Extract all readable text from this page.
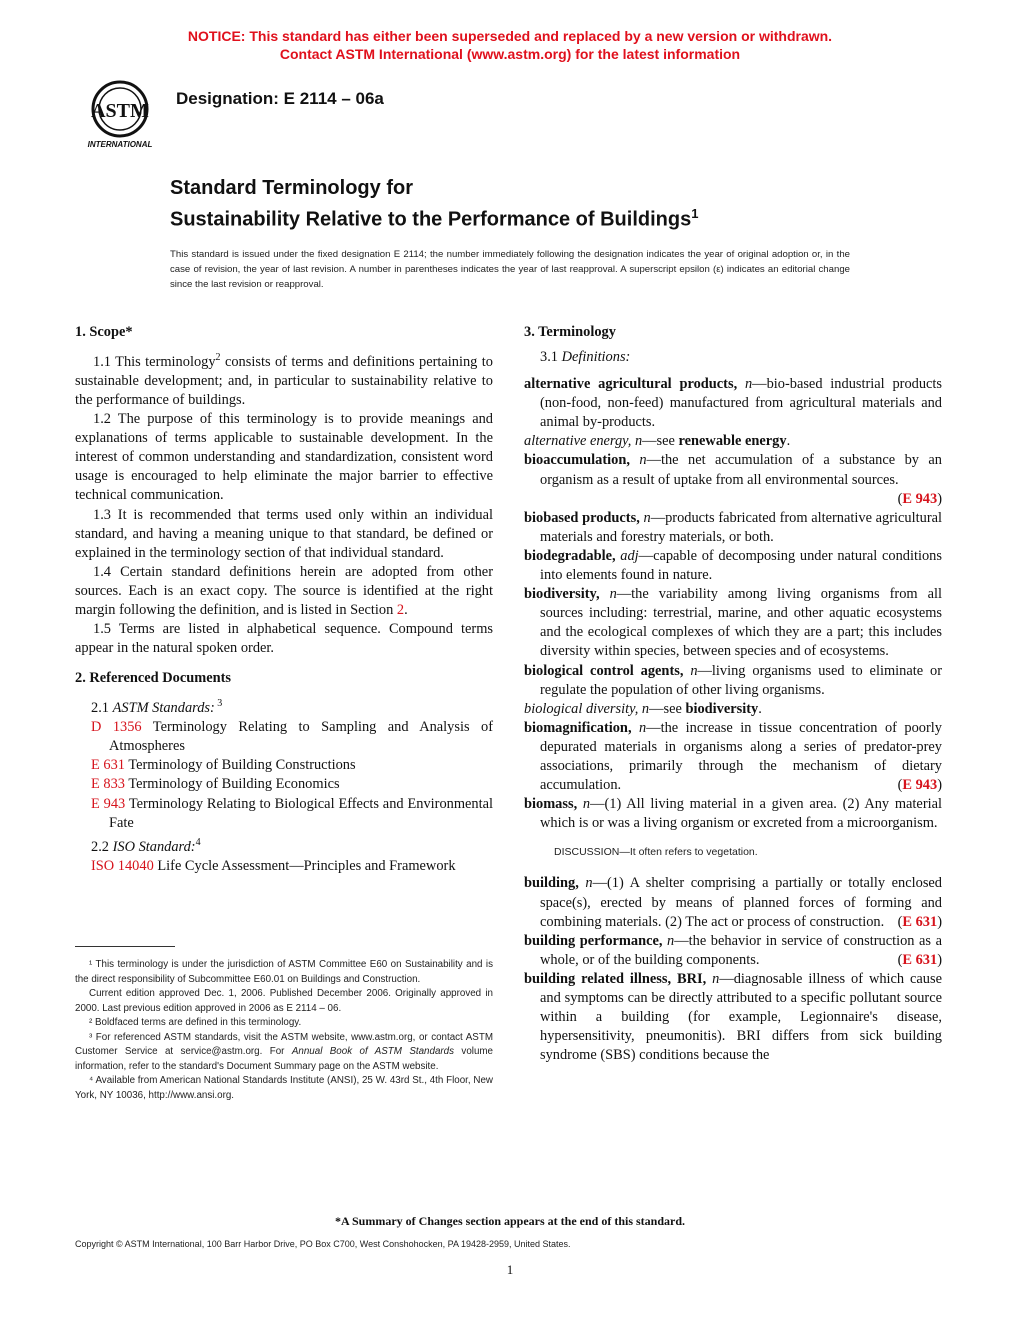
NOTICE: This standard has either been superseded and replaced by a new version or withdrawn.
Contact ASTM International (www.astm.org) for the latest information
ASTM
INTERNATIONAL
Designation: E 2114 – 06a
Standard Terminology for
Sustainability Relative to the Performance of Buildings$^1$
This standard is issued under the fixed designation E 2114; the number immediately following the designation indicates the year of original adoption or, in the case of revision, the year of last revision. A number in parentheses indicates the year of last reapproval. A superscript epsilon (ε) indicates an editorial change since the last revision or reapproval.
1. Scope*

1.1 This terminology$^2$ consists of terms and definitions pertaining to sustainable development; and, in particular to sustainability relative to the performance of buildings.

1.2 The purpose of this terminology is to provide meanings and explanations of terms applicable to sustainable development. In the interest of common understanding and standardization, consistent word usage is encouraged to help eliminate the major barrier to effective technical communication.

1.3 It is recommended that terms used only within an individual standard, and having a meaning unique to that standard, be defined or explained in the terminology section of that individual standard.

1.4 Certain standard definitions herein are adopted from other sources. Each is an exact copy. The source is identified at the right margin following the definition, and is listed in Section 2.

1.5 Terms are listed in alphabetical sequence. Compound terms appear in the natural spoken order.

2. Referenced Documents

2.1 ASTM Standards: $^3$

D 1356 Terminology Relating to Sampling and Analysis of Atmospheres

E 631 Terminology of Building Constructions

E 833 Terminology of Building Economics

E 943 Terminology Relating to Biological Effects and Environmental Fate

2.2 ISO Standard:$^4$

ISO 14040 Life Cycle Assessment—Principles and Framework

¹ This terminology is under the jurisdiction of ASTM Committee E60 on Sustainability and is the direct responsibility of Subcommittee E60.01 on Buildings and Construction.

Current edition approved Dec. 1, 2006. Published December 2006. Originally approved in 2000. Last previous edition approved in 2006 as E 2114 – 06.

² Boldfaced terms are defined in this terminology.

³ For referenced ASTM standards, visit the ASTM website, www.astm.org, or contact ASTM Customer Service at service@astm.org. For Annual Book of ASTM Standards volume information, refer to the standard's Document Summary page on the ASTM website.

⁴ Available from American National Standards Institute (ANSI), 25 W. 43rd St., 4th Floor, New York, NY 10036, http://www.ansi.org.

3. Terminology

3.1 Definitions:

alternative agricultural products, n—bio-based industrial products (non-food, non-feed) manufactured from agricultural materials and animal by-products.

alternative energy, n—see renewable energy.

bioaccumulation, n—the net accumulation of a substance by an organism as a result of uptake from all environmental sources.
(E 943)

biobased products, n—products fabricated from alternative agricultural materials and forestry materials, or both.

biodegradable, adj—capable of decomposing under natural conditions into elements found in nature.

biodiversity, n—the variability among living organisms from all sources including: terrestrial, marine, and other aquatic ecosystems and the ecological complexes of which they are a part; this includes diversity within species, between species and of ecosystems.

biological control agents, n—living organisms used to eliminate or regulate the population of other living organisms.

biological diversity, n—see biodiversity.

biomagnification, n—the increase in tissue concentration of poorly depurated materials in organisms along a series of predator-prey associations, primarily through the mechanism of dietary accumulation.	(E 943)

biomass, n—(1) All living material in a given area. (2) Any material which is or was a living organism or excreted from a microorganism.

DISCUSSION—It often refers to vegetation.

building, n—(1) A shelter comprising a partially or totally enclosed space(s), erected by means of planned forces of forming and combining materials. (2) The act or process of construction. (E 631)

building performance, n—the behavior in service of construction as a whole, or of the building components.	(E 631)

building related illness, BRI, n—diagnosable illness of which cause and symptoms can be directly attributed to a specific pollutant source within a building (for example, Legionnaire's disease, hypersensitivity, pneumonitis). BRI differs from sick building syndrome (SBS) conditions because the

*A Summary of Changes section appears at the end of this standard.
Copyright © ASTM International, 100 Barr Harbor Drive, PO Box C700, West Conshohocken, PA 19428-2959, United States.
1
